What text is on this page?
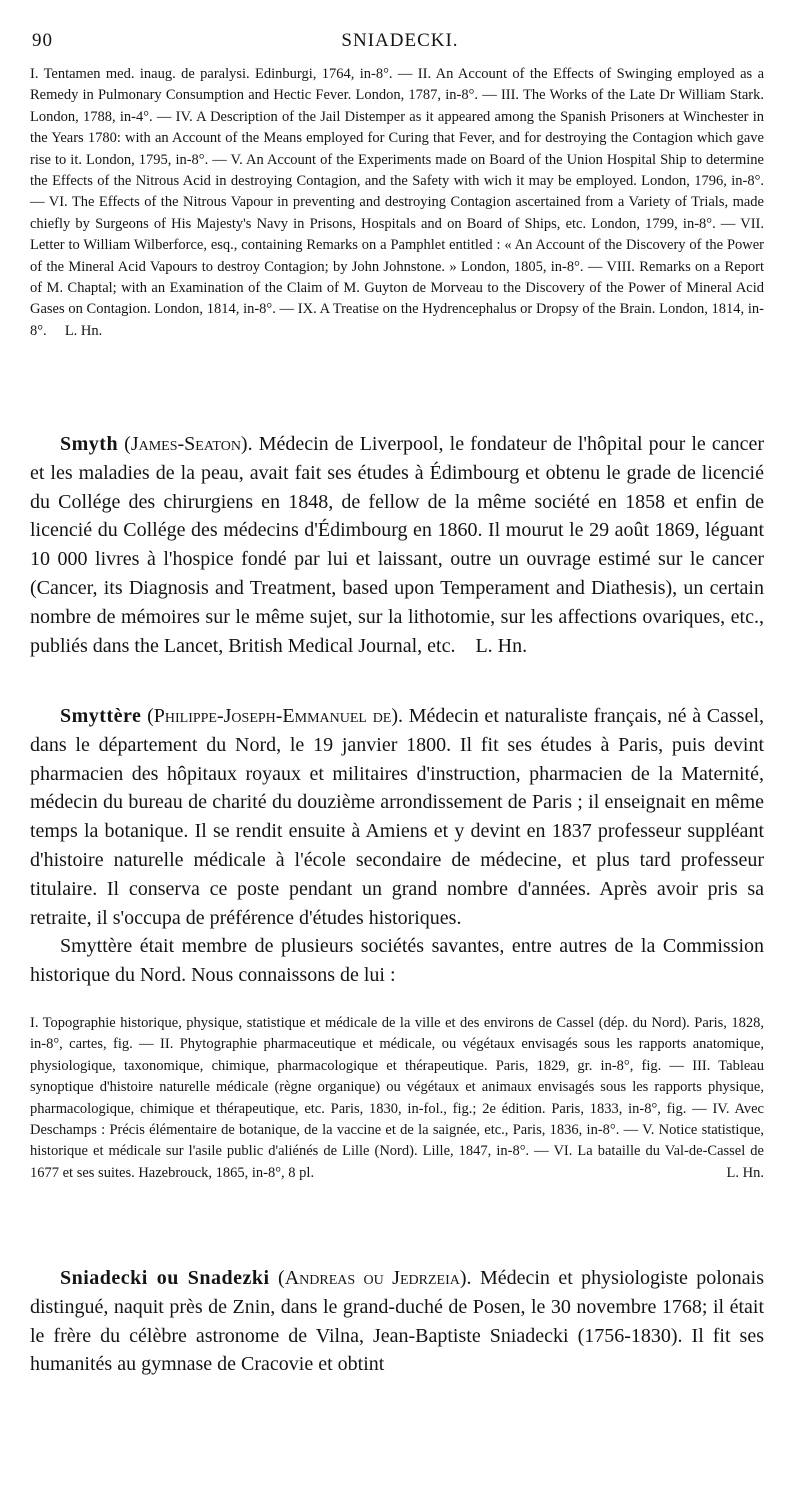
90	SNIADECKI.
I. Tentamen med. inaug. de paralysi. Edinburgi, 1764, in-8°. — II. An Account of the Effects of Swinging employed as a Remedy in Pulmonary Consumption and Hectic Fever. London, 1787, in-8°. — III. The Works of the Late Dr William Stark. London, 1788, in-4°. — IV. A Description of the Jail Distemper as it appeared among the Spanish Prisoners at Winchester in the Years 1780: with an Account of the Means employed for Curing that Fever, and for destroying the Contagion which gave rise to it. London, 1795, in-8°. — V. An Account of the Experiments made on Board of the Union Hospital Ship to determine the Effects of the Nitrous Acid in destroying Contagion, and the Safety with wich it may be employed. London, 1796, in-8°. — VI. The Effects of the Nitrous Vapour in preventing and destroying Contagion ascertained from a Variety of Trials, made chiefly by Surgeons of His Majesty's Navy in Prisons, Hospitals and on Board of Ships, etc. London, 1799, in-8°. — VII. Letter to William Wilberforce, esq., containing Remarks on a Pamphlet entitled : « An Account of the Discovery of the Power of the Mineral Acid Vapours to destroy Contagion; by John Johnstone. » London, 1805, in-8°. — VIII. Remarks on a Report of M. Chaptal; with an Examination of the Claim of M. Guyton de Morveau to the Discovery of the Power of Mineral Acid Gases on Contagion. London, 1814, in-8°. — IX. A Treatise on the Hydrencephalus or Dropsy of the Brain. London, 1814, in-8°. L. Hn.

Smyth (James-Seaton). Médecin de Liverpool, le fondateur de l'hôpital pour le cancer et les maladies de la peau, avait fait ses études à Édimbourg et obtenu le grade de licencié du Collége des chirurgiens en 1848, de fellow de la même société en 1858 et enfin de licencié du Collége des médecins d'Édimbourg en 1860. Il mourut le 29 août 1869, léguant 10 000 livres à l'hospice fondé par lui et laissant, outre un ouvrage estimé sur le cancer (Cancer, its Diagnosis and Treatment, based upon Temperament and Diathesis), un certain nombre de mémoires sur le même sujet, sur la lithotomie, sur les affections ovariques, etc., publiés dans the Lancet, British Medical Journal, etc. L. Hn.

Smyttère (Philippe-Joseph-Emmanuel de). Médecin et naturaliste français, né à Cassel, dans le département du Nord, le 19 janvier 1800. Il fit ses études à Paris, puis devint pharmacien des hôpitaux royaux et militaires d'instruction, pharmacien de la Maternité, médecin du bureau de charité du douzième arrondissement de Paris ; il enseignait en même temps la botanique. Il se rendit ensuite à Amiens et y devint en 1837 professeur suppléant d'histoire naturelle médicale à l'école secondaire de médecine, et plus tard professeur titulaire. Il conserva ce poste pendant un grand nombre d'années. Après avoir pris sa retraite, il s'occupa de préférence d'études historiques.

Smyttère était membre de plusieurs sociétés savantes, entre autres de la Commission historique du Nord. Nous connaissons de lui :

I. Topographie historique, physique, statistique et médicale de la ville et des environs de Cassel (dép. du Nord). Paris, 1828, in-8°, cartes, fig. — II. Phytographie pharmaceutique et médicale, ou végétaux envisagés sous les rapports anatomique, physiologique, taxonomique, chimique, pharmacologique et thérapeutique. Paris, 1829, gr. in-8°, fig. — III. Tableau synoptique d'histoire naturelle médicale (règne organique) ou végétaux et animaux envisagés sous les rapports physique, pharmacologique, chimique et thérapeutique, etc. Paris, 1830, in-fol., fig.; 2e édition. Paris, 1833, in-8°, fig. — IV. Avec Deschamps : Précis élémentaire de botanique, de la vaccine et de la saignée, etc., Paris, 1836, in-8°. — V. Notice statistique, historique et médicale sur l'asile public d'aliénés de Lille (Nord). Lille, 1847, in-8°. — VI. La bataille du Val-de-Cassel de 1677 et ses suites. Hazebrouck, 1865, in-8°, 8 pl.	L. Hn.

Sniadecki ou Snadezki (Andreas ou Jedrzeia). Médecin et physiologiste polonais distingué, naquit près de Znin, dans le grand-duché de Posen, le 30 novembre 1768; il était le frère du célèbre astronome de Vilna, Jean-Baptiste Sniadecki (1756-1830). Il fit ses humanités au gymnase de Cracovie et obtint
